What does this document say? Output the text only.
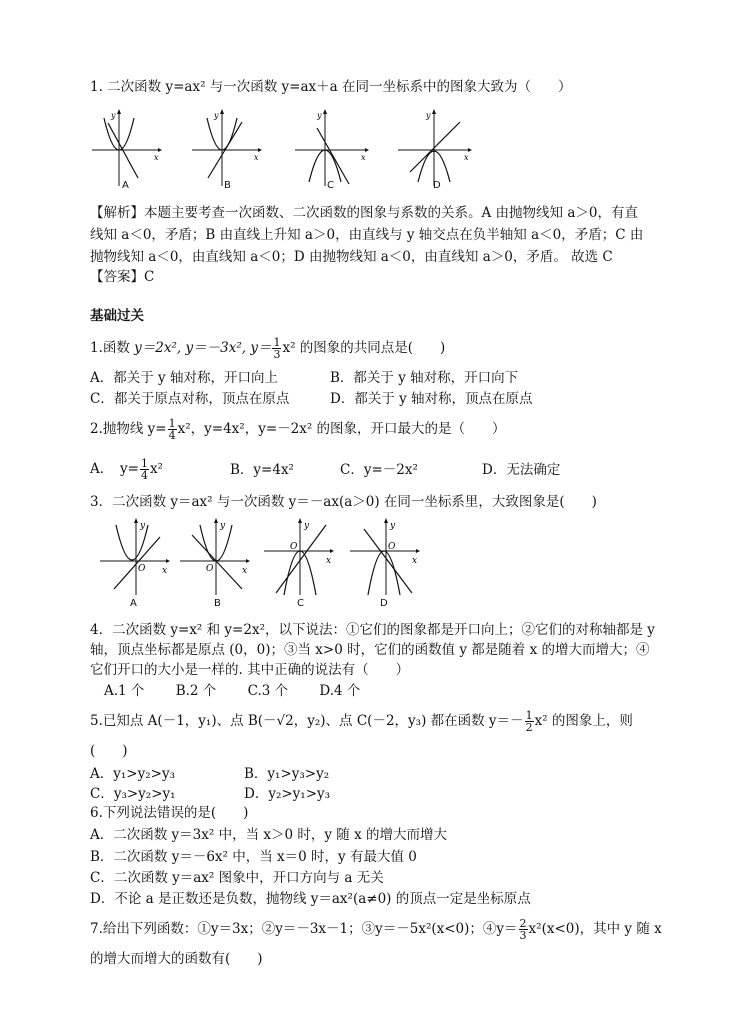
1. 二次函数 y=ax² 与一次函数 y=ax＋a 在同一坐标系中的图象大致为（　　）
y
x
y
x
y
x
y
x
A	B	C	D
【解析】本题主要考查一次函数、二次函数的图象与系数的关系。A 由抛物线知 a＞0，有直
线知 a＜0，矛盾；B 由直线上升知 a＞0，由直线与 y 轴交点在负半轴知 a＜0，矛盾；C 由
抛物线知 a＜0，由直线知 a＜0；D 由抛物线知 a＜0，由直线知 a＞0，矛盾。 故选 C
【答案】C
基础过关
1.函数 y＝2x², y＝－3x², $y= \frac{1}{3} x^2$ 的图象的共同点是(　　)
A．都关于 y 轴对称，开口向上	B．都关于 y 轴对称，开口向下
C．都关于原点对称，顶点在原点	D．都关于 y 轴对称，顶点在原点
2.抛物线 $y= \frac{1}{4} x^2$，y=4x²，y=－2x² 的图象，开口最大的是（　　）
A．　$y= \frac{1}{4} x^2$	B．y=4x²	C．y=－2x²	D．无法确定
3．二次函数 y＝ax² 与一次函数 y＝－ax(a＞0) 在同一坐标系里，大致图象是(　　)
y
x
O
y
x
O
y
x
O
y
x
O
A	B	C	D
4．二次函数 y=x² 和 y=2x²，以下说法：①它们的图象都是开口向上；②它们的对称轴都是 y
轴，顶点坐标都是原点 (0，0)；③当 x>0 时，它们的函数值 y 都是随着 x 的增大而增大；④
它们开口的大小是一样的. 其中正确的说法有（　　）
A.1 个　　 B.2 个　　 C.3 个　　 D.4 个
5.已知点 A(－1，y₁)、点 B(－√2，y₂)、点 C(－2，y₃) 都在函数 $y=- \frac{1}{2} x^2$ 的图象上，则
(　　)
A．y₁>y₂>y₃	B．y₁>y₃>y₂
C．y₃>y₂>y₁	D．y₂>y₁>y₃
6.下列说法错误的是(　　)
A．二次函数 y＝3x² 中，当 x＞0 时，y 随 x 的增大而增大
B．二次函数 y＝－6x² 中，当 x＝0 时，y 有最大值 0
C．二次函数 y＝ax² 图象中，开口方向与 a 无关
D．不论 a 是正数还是负数，抛物线 y＝ax²(a≠0) 的顶点一定是坐标原点
7.给出下列函数：①y＝3x；②y＝－3x－1；③y＝－5x²(x<0)；④y＝ $\frac{2}{3} x^2(x<0)$，其中 y 随 x
的增大而增大的函数有(　　)
